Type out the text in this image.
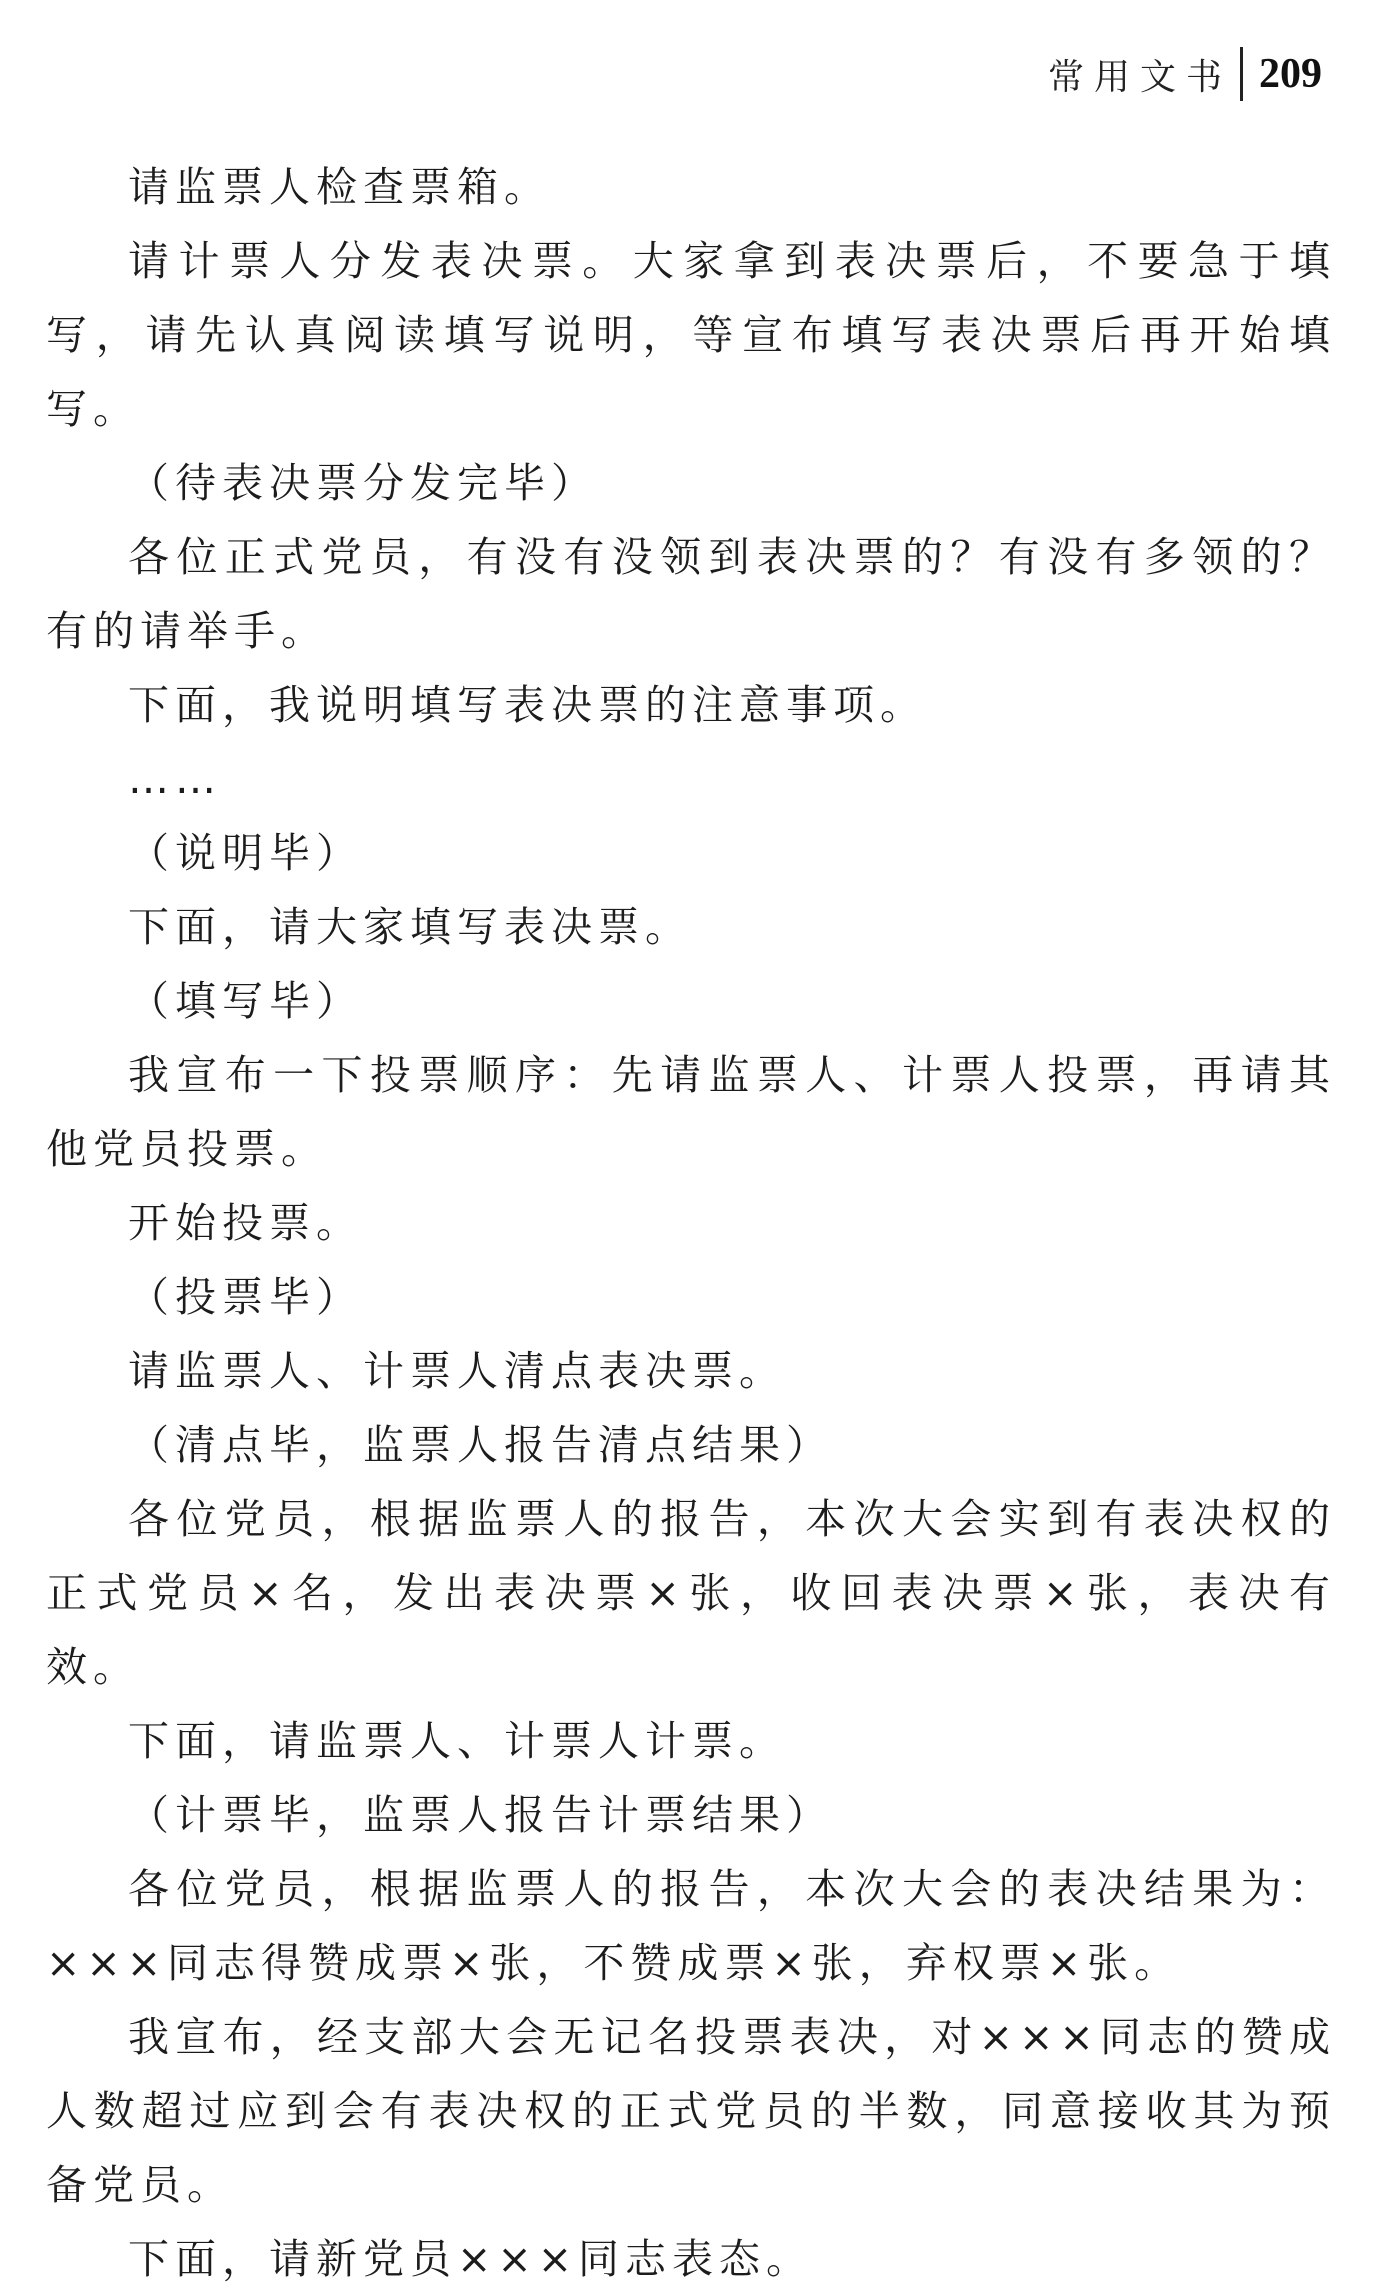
常用文书 209

请监票人检查票箱。

请计票人分发表决票。大家拿到表决票后，不要急于填写，请先认真阅读填写说明，等宣布填写表决票后再开始填写。

（待表决票分发完毕）

各位正式党员，有没有没领到表决票的？有没有多领的？有的请举手。

下面，我说明填写表决票的注意事项。

……

（说明毕）

下面，请大家填写表决票。

（填写毕）

我宣布一下投票顺序：先请监票人、计票人投票，再请其他党员投票。

开始投票。

（投票毕）

请监票人、计票人清点表决票。

（清点毕，监票人报告清点结果）

各位党员，根据监票人的报告，本次大会实到有表决权的正式党员×名，发出表决票×张，收回表决票×张，表决有效。

下面，请监票人、计票人计票。

（计票毕，监票人报告计票结果）

各位党员，根据监票人的报告，本次大会的表决结果为：×××同志得赞成票×张，不赞成票×张，弃权票×张。

我宣布，经支部大会无记名投票表决，对×××同志的赞成人数超过应到会有表决权的正式党员的半数，同意接收其为预备党员。

下面，请新党员×××同志表态。
